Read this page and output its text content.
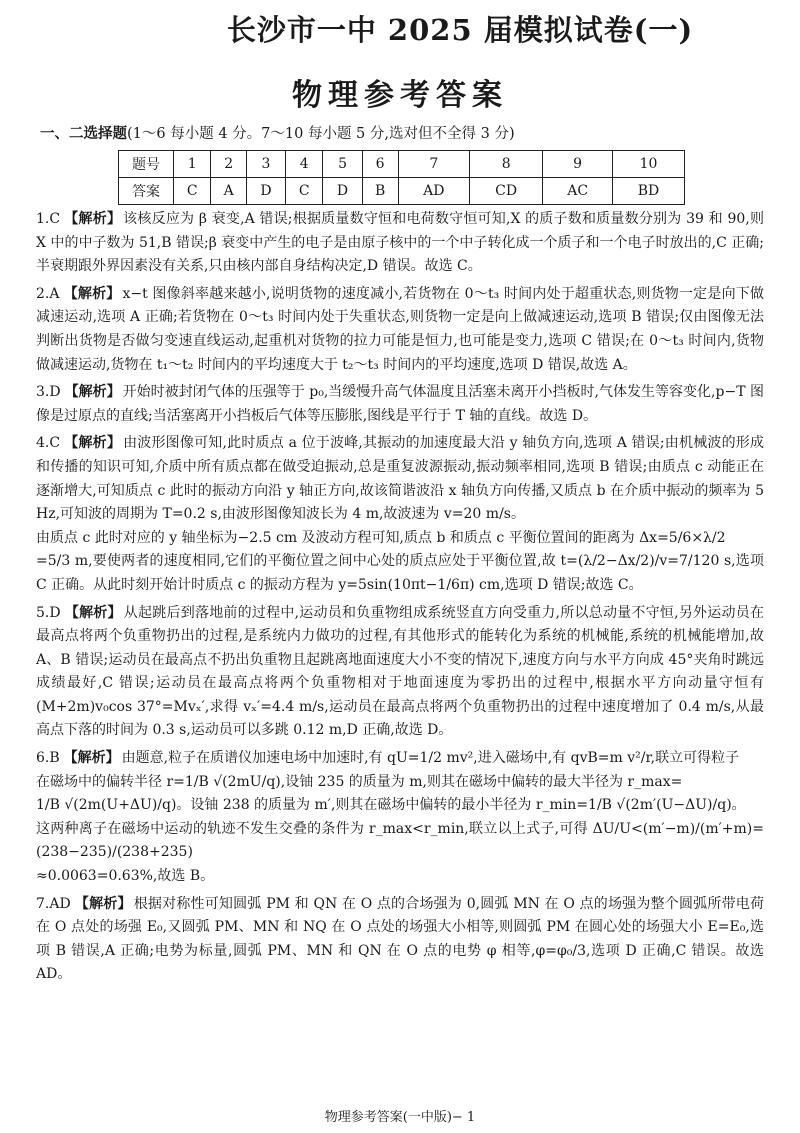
长沙市一中 2025 届模拟试卷(一)
物理参考答案
一、二选择题(1～6 每小题 4 分。7～10 每小题 5 分,选对但不全得 3 分)
题号	1	2	3	4	5	6	7	8	9	10
答案	C	A	D	C	D	B	AD	CD	AC	BD

1.C 【解析】 该核反应为 β 衰变,A 错误;根据质量数守恒和电荷数守恒可知,X 的质子数和质量数分别为 39 和 90,则 X 中的中子数为 51,B 错误;β 衰变中产生的电子是由原子核中的一个中子转化成一个质子和一个电子时放出的,C 正确;半衰期跟外界因素没有关系,只由核内部自身结构决定,D 错误。故选 C。

2.A 【解析】 x−t 图像斜率越来越小,说明货物的速度减小,若货物在 0～t₃ 时间内处于超重状态,则货物一定是向下做减速运动,选项 A 正确;若货物在 0～t₃ 时间内处于失重状态,则货物一定是向上做减速运动,选项 B 错误;仅由图像无法判断出货物是否做匀变速直线运动,起重机对货物的拉力可能是恒力,也可能是变力,选项 C 错误;在 0～t₃ 时间内,货物做减速运动,货物在 t₁～t₂ 时间内的平均速度大于 t₂～t₃ 时间内的平均速度,选项 D 错误,故选 A。

3.D 【解析】 开始时被封闭气体的压强等于 p₀,当缓慢升高气体温度且活塞未离开小挡板时,气体发生等容变化,p−T 图像是过原点的直线;当活塞离开小挡板后气体等压膨胀,图线是平行于 T 轴的直线。故选 D。

4.C 【解析】 由波形图像可知,此时质点 a 位于波峰,其振动的加速度最大沿 y 轴负方向,选项 A 错误;由机械波的形成和传播的知识可知,介质中所有质点都在做受迫振动,总是重复波源振动,振动频率相同,选项 B 错误;由质点 c 动能正在逐渐增大,可知质点 c 此时的振动方向沿 y 轴正方向,故该简谐波沿 x 轴负方向传播,又质点 b 在介质中振动的频率为 5 Hz,可知波的周期为 T=0.2 s,由波形图像知波长为 4 m,故波速为 v=20 m/s。

由质点 c 此时对应的 y 轴坐标为−2.5 cm 及波动方程可知,质点 b 和质点 c 平衡位置间的距离为 Δx=5/6×λ/2

=5/3 m,要使两者的速度相同,它们的平衡位置之间中心处的质点应处于平衡位置,故 t=(λ/2−Δx/2)/v=7/120 s,选项 C 正确。从此时刻开始计时质点 c 的振动方程为 y=5sin(10πt−1/6π) cm,选项 D 错误;故选 C。

5.D 【解析】 从起跳后到落地前的过程中,运动员和负重物组成系统竖直方向受重力,所以总动量不守恒,另外运动员在最高点将两个负重物扔出的过程,是系统内力做功的过程,有其他形式的能转化为系统的机械能,系统的机械能增加,故 A、B 错误;运动员在最高点不扔出负重物且起跳离地面速度大小不变的情况下,速度方向与水平方向成 45°夹角时跳远成绩最好,C 错误;运动员在最高点将两个负重物相对于地面速度为零扔出的过程中,根据水平方向动量守恒有(M+2m)v₀cos 37°=Mvₓ′,求得 vₓ′=4.4 m/s,运动员在最高点将两个负重物扔出的过程中速度增加了 0.4 m/s,从最高点下落的时间为 0.3 s,运动员可以多跳 0.12 m,D 正确,故选 D。

6.B 【解析】 由题意,粒子在质谱仪加速电场中加速时,有 qU=1/2 mv²,进入磁场中,有 qvB=m v²/r,联立可得粒子

在磁场中的偏转半径 r=1/B √(2mU/q),设铀 235 的质量为 m,则其在磁场中偏转的最大半径为 r_max=

1/B √(2m(U+ΔU)/q)。设铀 238 的质量为 m′,则其在磁场中偏转的最小半径为 r_min=1/B √(2m′(U−ΔU)/q)。

这两种离子在磁场中运动的轨迹不发生交叠的条件为 r_max<r_min,联立以上式子,可得 ΔU/U<(m′−m)/(m′+m)=(238−235)/(238+235)

≈0.0063=0.63%,故选 B。

7.AD 【解析】 根据对称性可知圆弧 PM 和 QN 在 O 点的合场强为 0,圆弧 MN 在 O 点的场强为整个圆弧所带电荷在 O 点处的场强 E₀,又圆弧 PM、MN 和 NQ 在 O 点处的场强大小相等,则圆弧 PM 在圆心处的场强大小 E=E₀,选项 B 错误,A 正确;电势为标量,圆弧 PM、MN 和 QN 在 O 点的电势 φ 相等,φ=φ₀/3,选项 D 正确,C 错误。故选 AD。

物理参考答案(一中版)− 1
